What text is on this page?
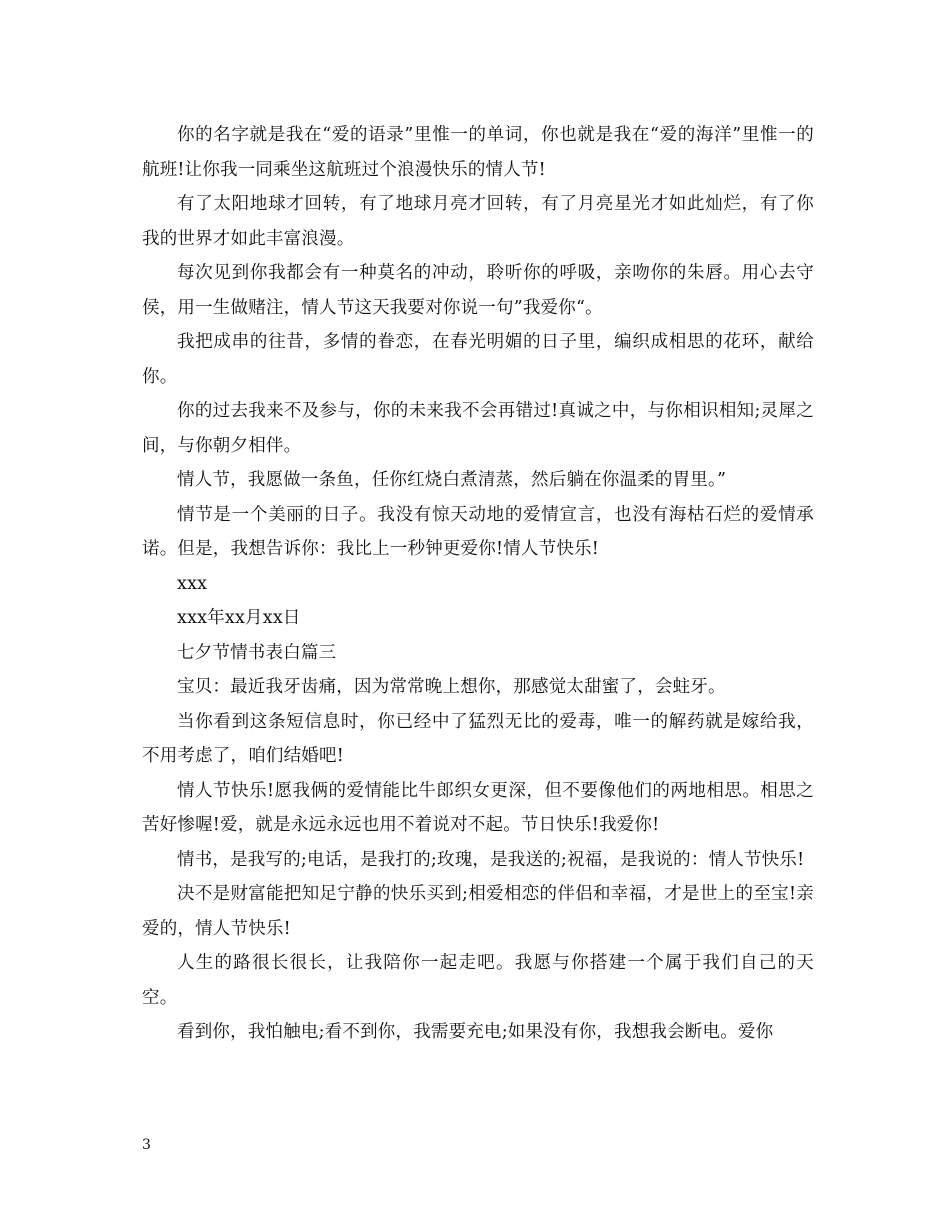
你的名字就是我在“爱的语录”里惟一的单词，你也就是我在“爱的海洋”里惟一的航班!让你我一同乘坐这航班过个浪漫快乐的情人节!

有了太阳地球才回转，有了地球月亮才回转，有了月亮星光才如此灿烂，有了你我的世界才如此丰富浪漫。

每次见到你我都会有一种莫名的冲动，聆听你的呼吸，亲吻你的朱唇。用心去守侯，用一生做赌注，情人节这天我要对你说一句”我爱你“。

我把成串的往昔，多情的眷恋，在春光明媚的日子里，编织成相思的花环，献给你。

你的过去我来不及参与，你的未来我不会再错过!真诚之中，与你相识相知;灵犀之间，与你朝夕相伴。

情人节，我愿做一条鱼，任你红烧白煮清蒸，然后躺在你温柔的胃里。”

情节是一个美丽的日子。我没有惊天动地的爱情宣言，也没有海枯石烂的爱情承诺。但是，我想告诉你：我比上一秒钟更爱你!情人节快乐!

xxx

xxx年xx月xx日

七夕节情书表白篇三

宝贝：最近我牙齿痛，因为常常晚上想你，那感觉太甜蜜了，会蛀牙。

当你看到这条短信息时，你已经中了猛烈无比的爱毒，唯一的解药就是嫁给我，不用考虑了，咱们结婚吧!

情人节快乐!愿我俩的爱情能比牛郎织女更深，但不要像他们的两地相思。相思之苦好惨喔!爱，就是永远永远也用不着说对不起。节日快乐!我爱你!

情书，是我写的;电话，是我打的;玫瑰，是我送的;祝福，是我说的：情人节快乐!

决不是财富能把知足宁静的快乐买到;相爱相恋的伴侣和幸福，才是世上的至宝!亲爱的，情人节快乐!

人生的路很长很长，让我陪你一起走吧。我愿与你搭建一个属于我们自己的天空。

看到你，我怕触电;看不到你，我需要充电;如果没有你，我想我会断电。爱你

3
